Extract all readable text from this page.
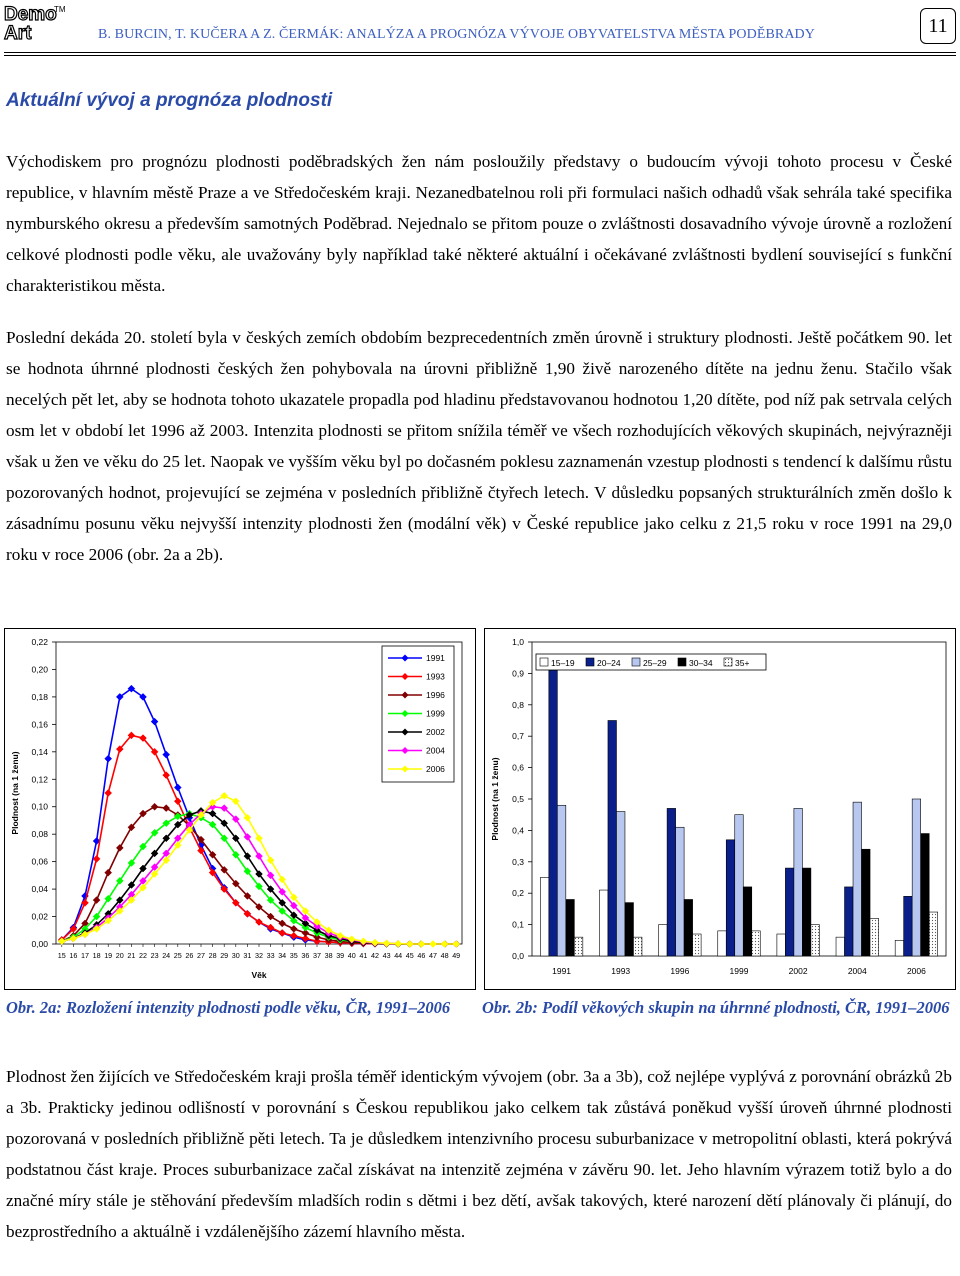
Demo
Art
TM
B. BURCIN, T. KUČERA A Z. ČERMÁK: ANALÝZA A PROGNÓZA VÝVOJE OBYVATELSTVA MĚSTA PODĚBRADY	11
Aktuální vývoj a prognóza plodnosti

Východiskem pro prognózu plodnosti poděbradských žen nám posloužily představy o budoucím vývoji tohoto procesu v České republice, v hlavním městě Praze a ve Středočeském kraji. Nezanedbatelnou roli při formulaci našich odhadů však sehrála také specifika nymburského okresu a především samotných Poděbrad. Nejednalo se přitom pouze o zvláštnosti dosavadního vývoje úrovně a rozložení celkové plodnosti podle věku, ale uvažovány byly například také některé aktuální i očekávané zvláštnosti bydlení související s funkční charakteristikou města.

Poslední dekáda 20. století byla v českých zemích obdobím bezprecedentních změn úrovně i struktury plodnosti. Ještě počátkem 90. let se hodnota úhrnné plodnosti českých žen pohybovala na úrovni přibližně 1,90 živě narozeného dítěte na jednu ženu. Stačilo však necelých pět let, aby se hodnota tohoto ukazatele propadla pod hladinu představovanou hodnotou 1,20 dítěte, pod níž pak setrvala celých osm let v období let 1996 až 2003. Intenzita plodnosti se přitom snížila téměř ve všech rozhodujících věkových skupinách, nejvýrazněji však u žen ve věku do 25 let. Naopak ve vyšším věku byl po dočasném poklesu zaznamenán vzestup plodnosti s tendencí k dalšímu růstu pozorovaných hodnot, projevující se zejména v posledních přibližně čtyřech letech. V důsledku popsaných strukturálních změn došlo k zásadnímu posunu věku nejvyšší intenzity plodnosti žen (modální věk) v České republice jako celku z 21,5 roku v roce 1991 na 29,0 roku v roce 2006 (obr. 2a a 2b).

0,00
0,02
0,04
0,06
0,08
0,10
0,12
0,14
0,16
0,18
0,20
0,22
15 16 17 18 19 20 21 22 23 24 25 26 27 28 29 30 31 32 33 34 35 36 37 38 39 40 41 42 43 44 45 46 47 48 49
Věk
Plodnost (na 1 ženu)
1991
1993
1996
1999
2002
2004
2006
0,0
0,1
0,2
0,3
0,4
0,5
0,6
0,7
0,8
0,9
1,0
Plodnost (na 1 ženu)
1991	1993	1996	1999	2002	2004	2006
15–19	20–24	25–29	30–34	35+
Obr. 2a: Rozložení intenzity plodnosti podle věku, ČR, 1991–2006	Obr. 2b: Podíl věkových skupin na úhrnné plodnosti, ČR, 1991–2006

Plodnost žen žijících ve Středočeském kraji prošla téměř identickým vývojem (obr. 3a a 3b), což nejlépe vyplývá z porovnání obrázků 2b a 3b. Prakticky jedinou odlišností v porovnání s Českou republikou jako celkem tak zůstává poněkud vyšší úroveň úhrnné plodnosti pozorovaná v posledních přibližně pěti letech. Ta je důsledkem intenzivního procesu suburbanizace v metropolitní oblasti, která pokrývá podstatnou část kraje. Proces suburbanizace začal získávat na intenzitě zejména v závěru 90. let. Jeho hlavním výrazem totiž bylo a do značné míry stále je stěhování především mladších rodin s dětmi i bez dětí, avšak takových, které narození dětí plánovaly či plánují, do bezprostředního a aktuálně i vzdálenějšího zázemí hlavního města.
